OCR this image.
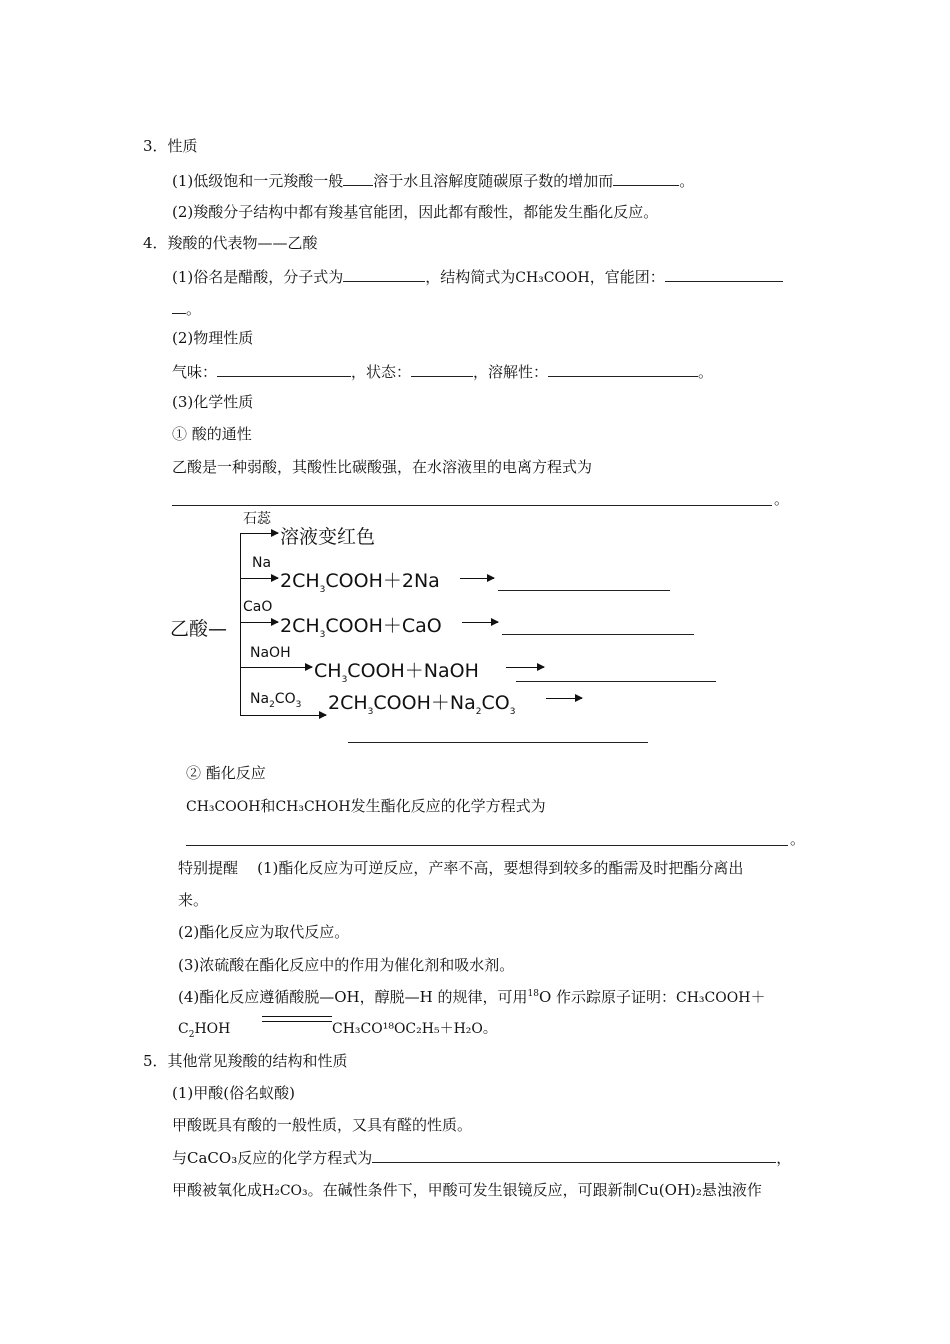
3．性质
(1)低级饱和一元羧酸一般 溶于水且溶解度随碳原子数的增加而	。
(2)羧酸分子结构中都有羧基官能团，因此都有酸性，都能发生酯化反应。
4．羧酸的代表物——乙酸
(1)俗名是醋酸，分子式为	，结构简式为CH₃COOH，官能团：
。
(2)物理性质
气味：	，状态：	，溶解性：	。
(3)化学性质
① 酸的通性
乙酸是一种弱酸，其酸性比碳酸强，在水溶液里的电离方程式为
。
乙酸—
石蕊
溶液变红色
Na
$2CH_3COOH+2Na$
CaO
$2CH_3COOH+CaO$
NaOH
$CH_3COOH+NaOH$
$Na_2CO_3$ $2CH_3COOH+Na_2CO_3$
② 酯化反应
CH₃COOH和CH₃CHOH发生酯化反应的化学方程式为
。
特别提醒 (1)酯化反应为可逆反应，产率不高，要想得到较多的酯需及时把酯分离出
来。
(2)酯化反应为取代反应。
(3)浓硫酸在酯化反应中的作用为催化剂和吸水剂。
(4)酯化反应遵循酸脱—OH，醇脱—H 的规律，可用$^{18}$O 作示踪原子证明：CH₃COOH＋
$C_2HOH$	CH₃CO¹⁸OC₂H₅＋H₂O。
5．其他常见羧酸的结构和性质
(1)甲酸(俗名蚁酸)
甲酸既具有酸的一般性质，又具有醛的性质。
与CaCO₃反应的化学方程式为	，
甲酸被氧化成H₂CO₃。在碱性条件下，甲酸可发生银镜反应，可跟新制Cu(OH)₂悬浊液作
